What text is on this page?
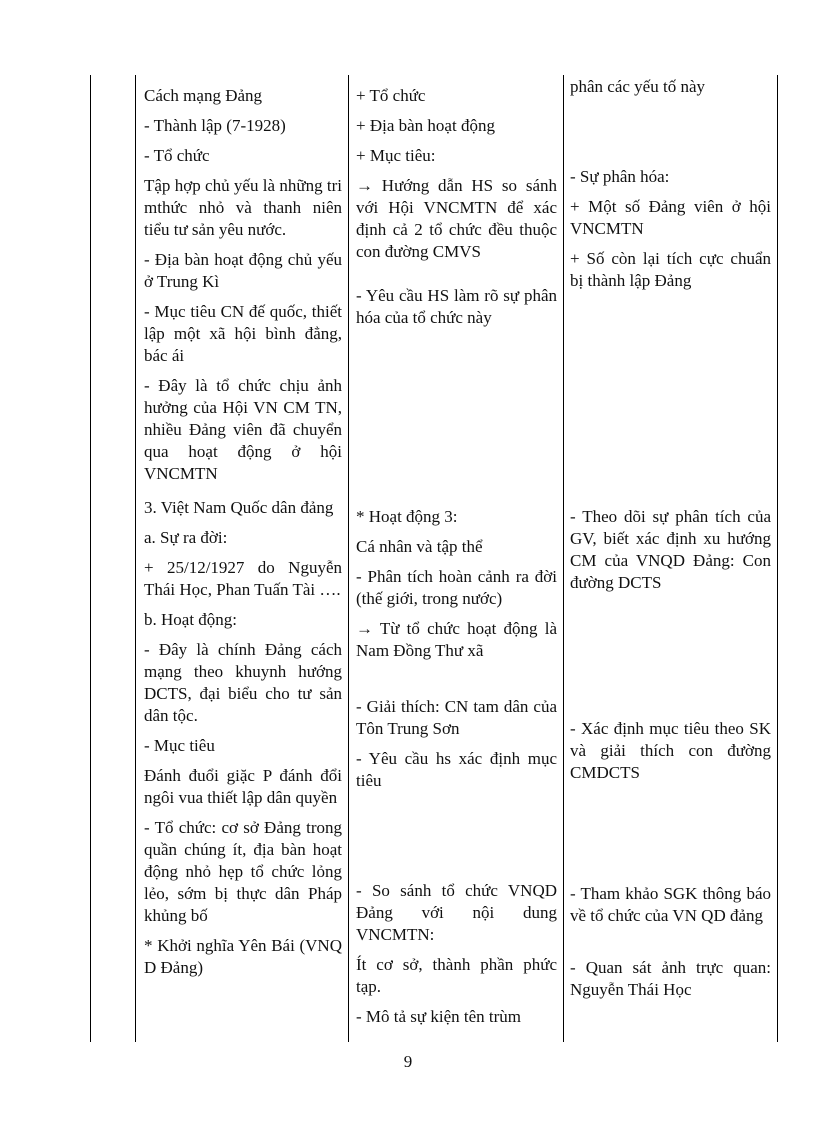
Cách mạng Đảng

- Thành lập (7-1928)

- Tổ chức

Tập hợp chủ yếu là những tri mthức nhỏ và thanh niên tiểu tư sản yêu nước.

- Địa bàn hoạt động chủ yếu ở Trung Kì

- Mục tiêu CN đế quốc, thiết lập một xã hội bình đẳng, bác ái

- Đây là tổ chức chịu ảnh hưởng của Hội VN CM TN, nhiều Đảng viên đã chuyển qua hoạt động ở hội VNCMTN

3. Việt Nam Quốc dân đảng

a. Sự ra đời:

+ 25/12/1927 do Nguyễn Thái Học, Phan Tuấn Tài ….

b. Hoạt động:

- Đây là chính Đảng cách mạng theo khuynh hướng DCTS, đại biểu cho tư sản dân tộc.

- Mục tiêu

Đánh đuổi giặc P đánh đổi ngôi vua thiết lập dân quyền

- Tổ chức: cơ sở Đảng trong quần chúng ít, địa bàn hoạt động nhỏ hẹp tổ chức lỏng lẻo, sớm bị thực dân Pháp khủng bố

* Khởi nghĩa Yên Bái (VNQ D Đảng)

+ Tổ chức

+ Địa bàn hoạt động

+ Mục tiêu:

→ Hướng dẫn HS so sánh với Hội VNCMTN để xác định cả 2 tổ chức đều thuộc con đường CMVS

- Yêu cầu HS làm rõ sự phân hóa của tổ chức này

* Hoạt động 3:

Cá nhân và tập thể

- Phân tích hoàn cảnh ra đời (thế giới, trong nước)

→ Từ tổ chức hoạt động là Nam Đồng Thư xã

- Giải thích: CN tam dân của Tôn Trung Sơn

- Yêu cầu hs xác định mục tiêu

- So sánh tổ chức VNQD Đảng với nội dung VNCMTN:

Ít cơ sở, thành phần phức tạp.

- Mô tả sự kiện tên trùm

phân các yếu tố này

- Sự phân hóa:

+ Một số Đảng viên ở hội VNCMTN

+ Số còn lại tích cực chuẩn bị thành lập Đảng

- Theo dõi sự phân tích của GV, biết xác định xu hướng CM của VNQD Đảng: Con đường DCTS

- Xác định mục tiêu theo SK và giải thích con đường CMDCTS

- Tham khảo SGK thông báo về tổ chức của VN QD đảng

- Quan sát ảnh trực quan: Nguyễn Thái Học

9
